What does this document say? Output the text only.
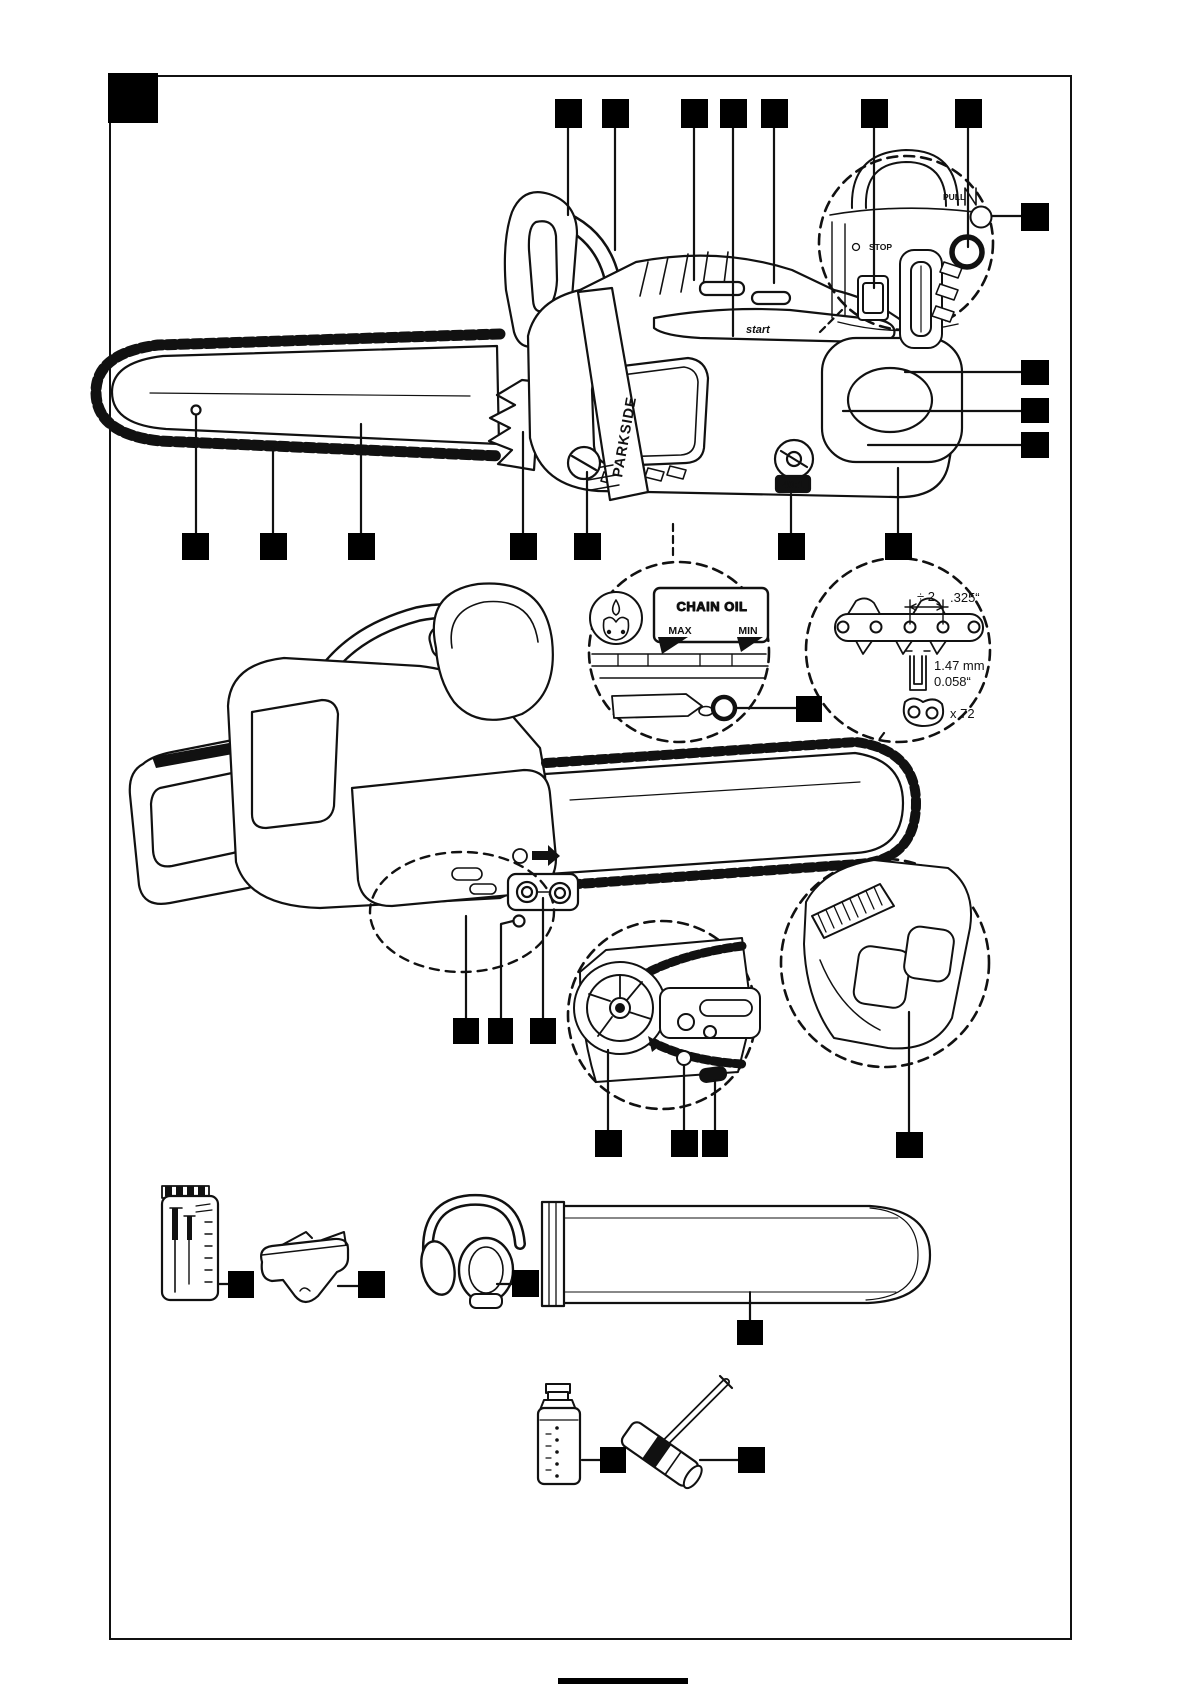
PARKSIDE
start
40:1
STOP
PULL
CHAIN OIL
MAX	MIN
÷ 2 .325“
1.47 mm
0.058“
x 72
